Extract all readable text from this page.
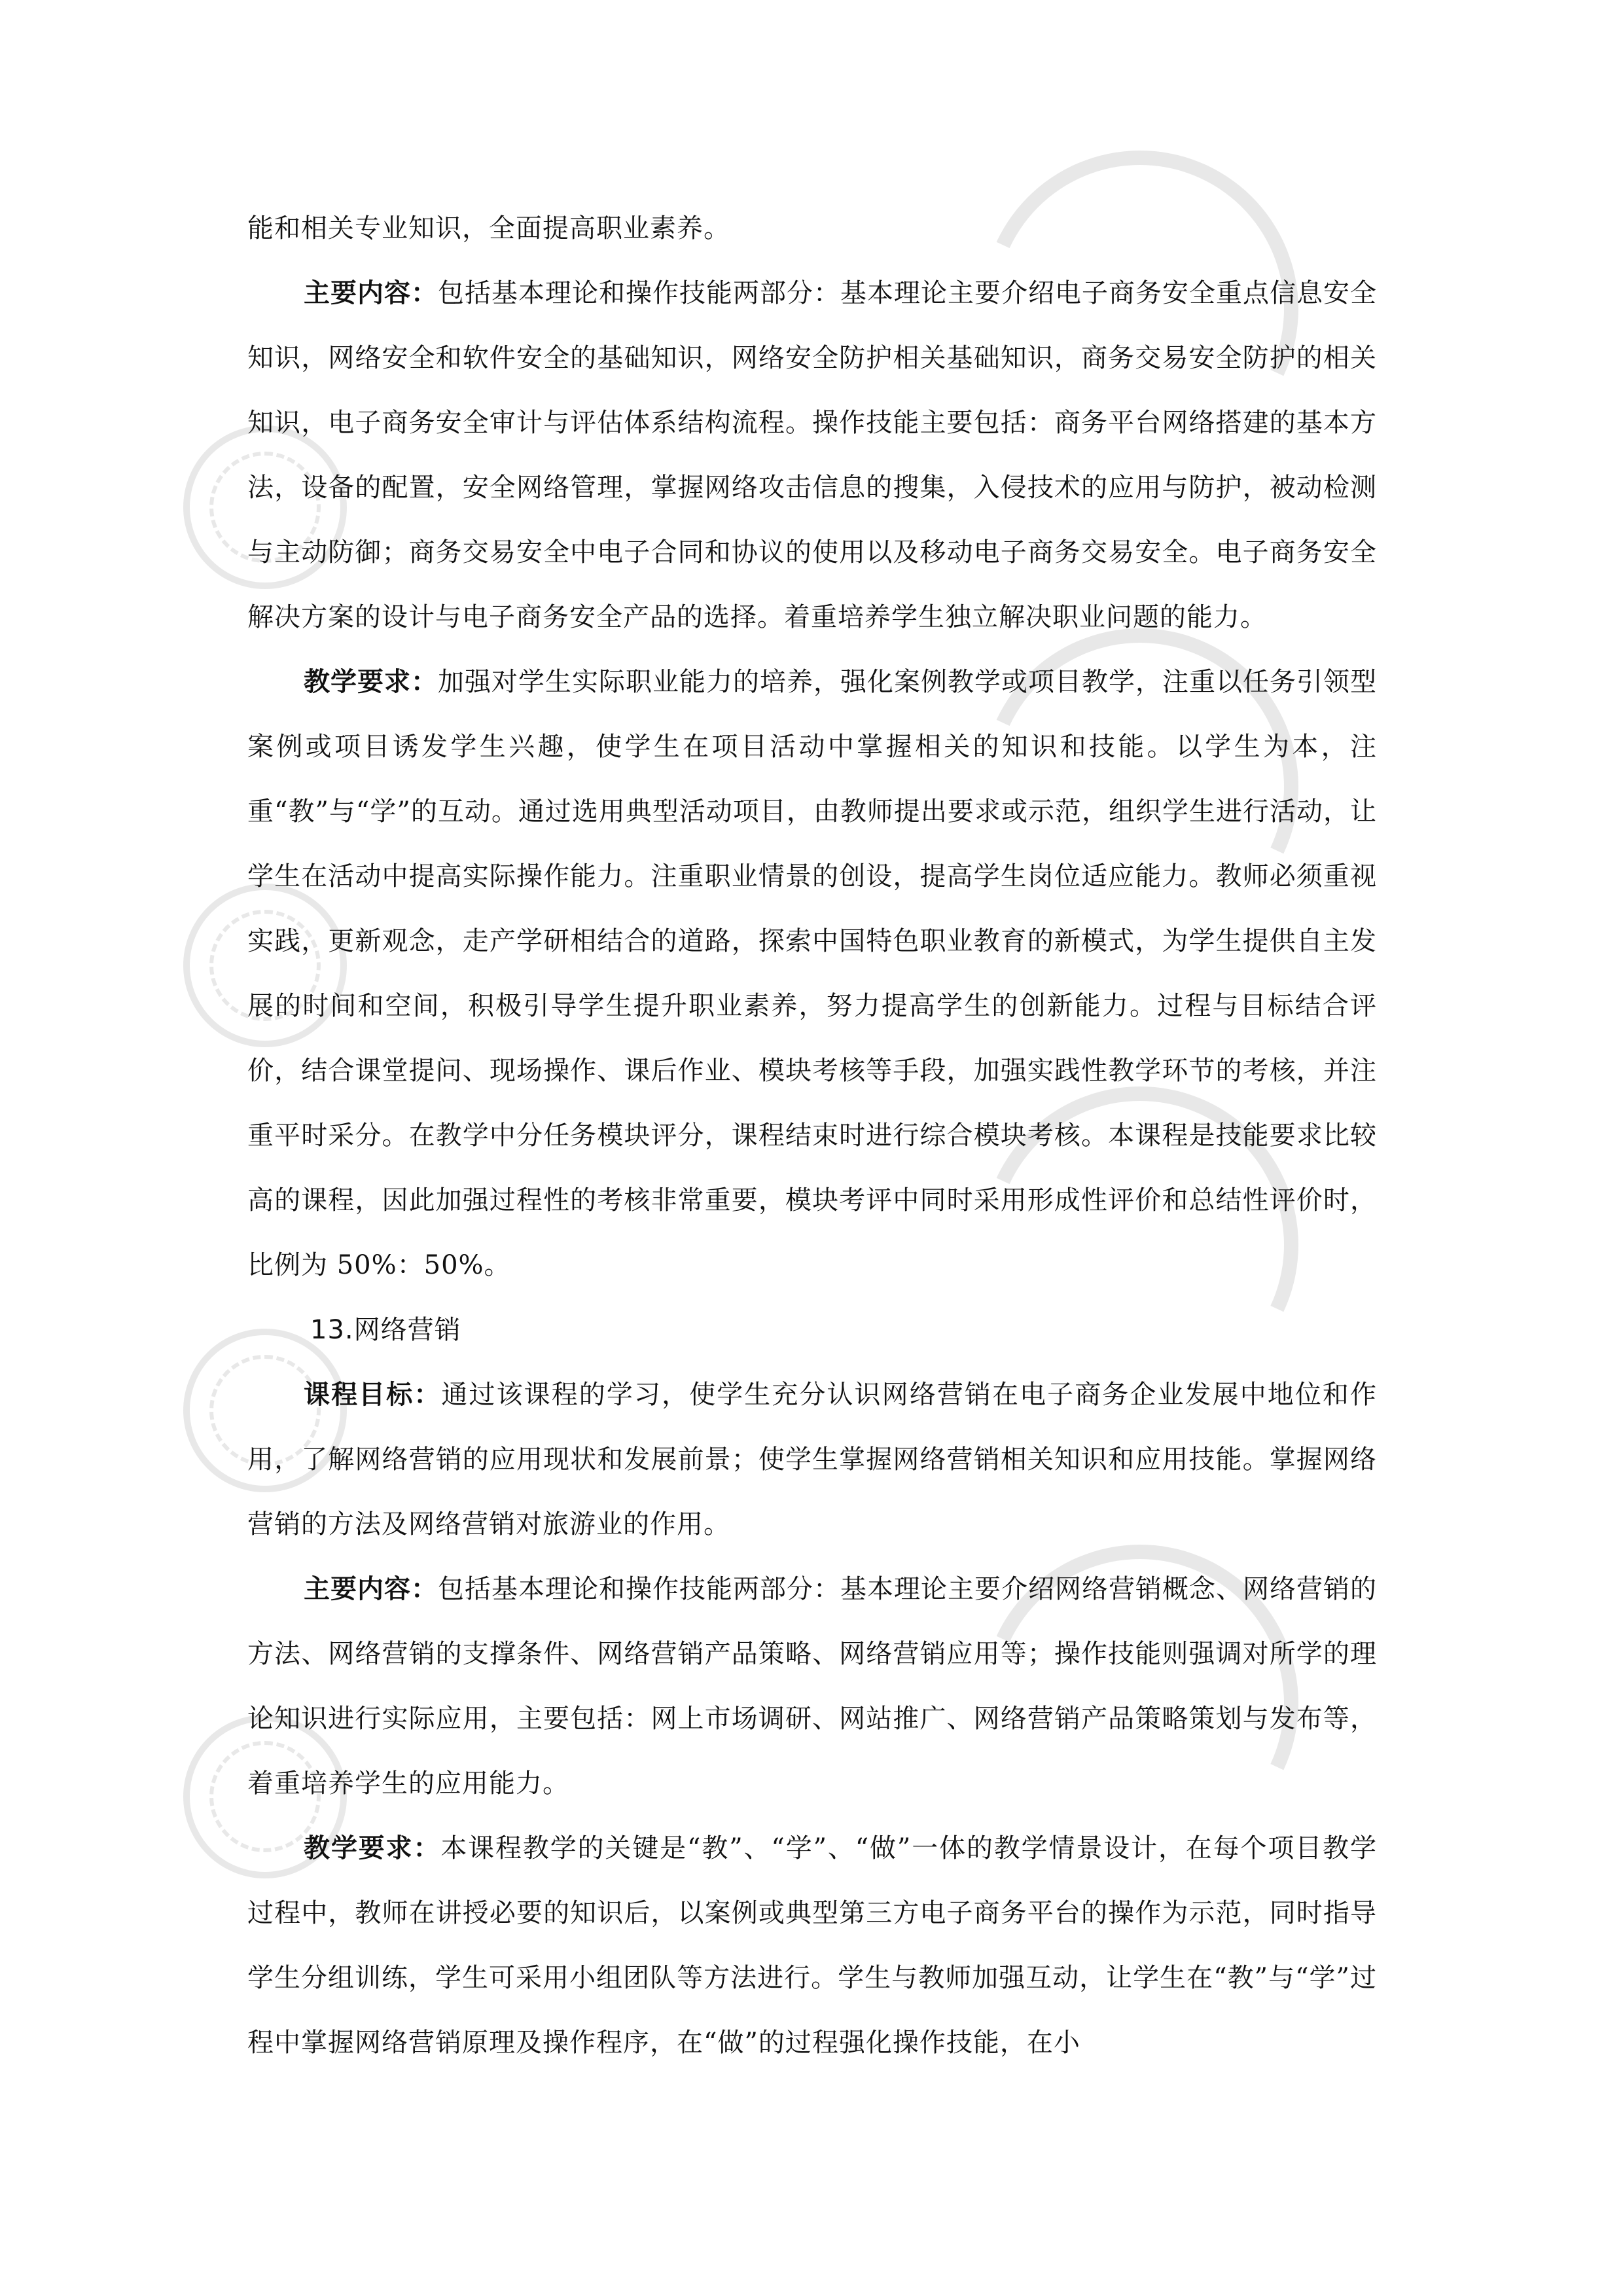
能和相关专业知识，全面提高职业素养。

主要内容：包括基本理论和操作技能两部分：基本理论主要介绍电子商务安全重点信息安全知识，网络安全和软件安全的基础知识，网络安全防护相关基础知识，商务交易安全防护的相关知识，电子商务安全审计与评估体系结构流程。操作技能主要包括：商务平台网络搭建的基本方法，设备的配置，安全网络管理，掌握网络攻击信息的搜集，入侵技术的应用与防护，被动检测与主动防御；商务交易安全中电子合同和协议的使用以及移动电子商务交易安全。电子商务安全解决方案的设计与电子商务安全产品的选择。着重培养学生独立解决职业问题的能力。

教学要求：加强对学生实际职业能力的培养，强化案例教学或项目教学，注重以任务引领型案例或项目诱发学生兴趣，使学生在项目活动中掌握相关的知识和技能。以学生为本，注重“教”与“学”的互动。通过选用典型活动项目，由教师提出要求或示范，组织学生进行活动，让学生在活动中提高实际操作能力。注重职业情景的创设，提高学生岗位适应能力。教师必须重视实践，更新观念，走产学研相结合的道路，探索中国特色职业教育的新模式，为学生提供自主发展的时间和空间，积极引导学生提升职业素养，努力提高学生的创新能力。过程与目标结合评价，结合课堂提问、现场操作、课后作业、模块考核等手段，加强实践性教学环节的考核，并注重平时采分。在教学中分任务模块评分，课程结束时进行综合模块考核。本课程是技能要求比较高的课程，因此加强过程性的考核非常重要，模块考评中同时采用形成性评价和总结性评价时，比例为 50%：50%。

13.网络营销

课程目标：通过该课程的学习，使学生充分认识网络营销在电子商务企业发展中地位和作用，了解网络营销的应用现状和发展前景；使学生掌握网络营销相关知识和应用技能。掌握网络营销的方法及网络营销对旅游业的作用。

主要内容：包括基本理论和操作技能两部分：基本理论主要介绍网络营销概念、网络营销的方法、网络营销的支撑条件、网络营销产品策略、网络营销应用等；操作技能则强调对所学的理论知识进行实际应用，主要包括：网上市场调研、网站推广、网络营销产品策略策划与发布等，着重培养学生的应用能力。

教学要求：本课程教学的关键是“教”、“学”、“做”一体的教学情景设计，在每个项目教学过程中，教师在讲授必要的知识后，以案例或典型第三方电子商务平台的操作为示范，同时指导学生分组训练，学生可采用小组团队等方法进行。学生与教师加强互动，让学生在“教”与“学”过程中掌握网络营销原理及操作程序，在“做”的过程强化操作技能，在小
